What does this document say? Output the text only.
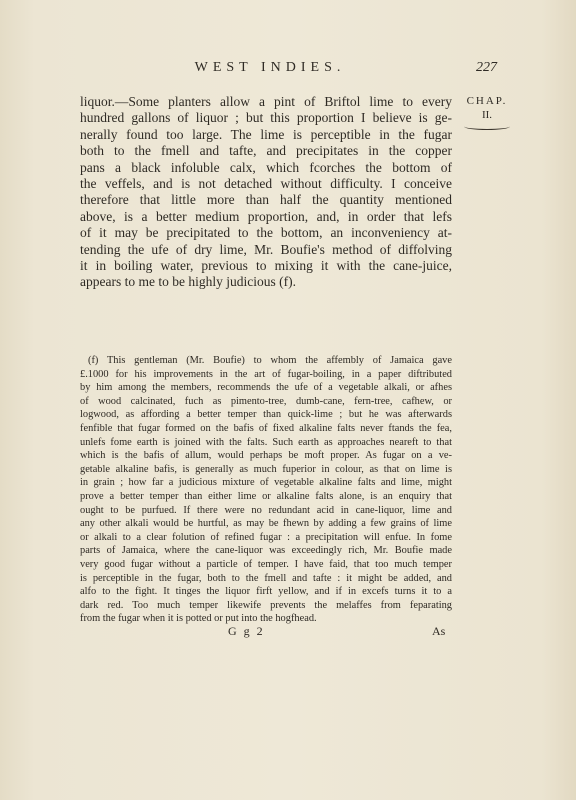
WEST INDIES.	227
CHAP.
II.
liquor.—Some planters allow a pint of Briftol lime to every
hundred gallons of liquor ; but this proportion I believe is ge-
nerally found too large. The lime is perceptible in the fugar
both to the fmell and tafte, and precipitates in the copper
pans a black infoluble calx, which fcorches the bottom of
the veffels, and is not detached without difficulty. I conceive
therefore that little more than half the quantity mentioned
above, is a better medium proportion, and, in order that lefs
of it may be precipitated to the bottom, an inconveniency at-
tending the ufe of dry lime, Mr. Boufie's method of diffolving
it in boiling water, previous to mixing it with the cane-juice,
appears to me to be highly judicious (f).
(f) This gentleman (Mr. Boufie) to whom the affembly of Jamaica gave
£.1000 for his improvements in the art of fugar-boiling, in a paper diftributed
by him among the members, recommends the ufe of a vegetable alkali, or afhes
of wood calcinated, fuch as pimento-tree, dumb-cane, fern-tree, cafhew, or
logwood, as affording a better temper than quick-lime ; but he was afterwards
fenfible that fugar formed on the bafis of fixed alkaline falts never ftands the fea,
unlefs fome earth is joined with the falts. Such earth as approaches neareft to that
which is the bafis of allum, would perhaps be moft proper. As fugar on a ve-
getable alkaline bafis, is generally as much fuperior in colour, as that on lime is
in grain ; how far a judicious mixture of vegetable alkaline falts and lime, might
prove a better temper than either lime or alkaline falts alone, is an enquiry that
ought to be purfued. If there were no redundant acid in cane-liquor, lime and
any other alkali would be hurtful, as may be fhewn by adding a few grains of lime
or alkali to a clear folution of refined fugar : a precipitation will enfue. In fome
parts of Jamaica, where the cane-liquor was exceedingly rich, Mr. Boufie made
very good fugar without a particle of temper. I have faid, that too much temper
is perceptible in the fugar, both to the fmell and tafte : it might be added, and
alfo to the fight. It tinges the liquor firft yellow, and if in excefs turns it to a
dark red. Too much temper likewife prevents the melaffes from feparating
from the fugar when it is potted or put into the hogfhead.
G g 2	As
